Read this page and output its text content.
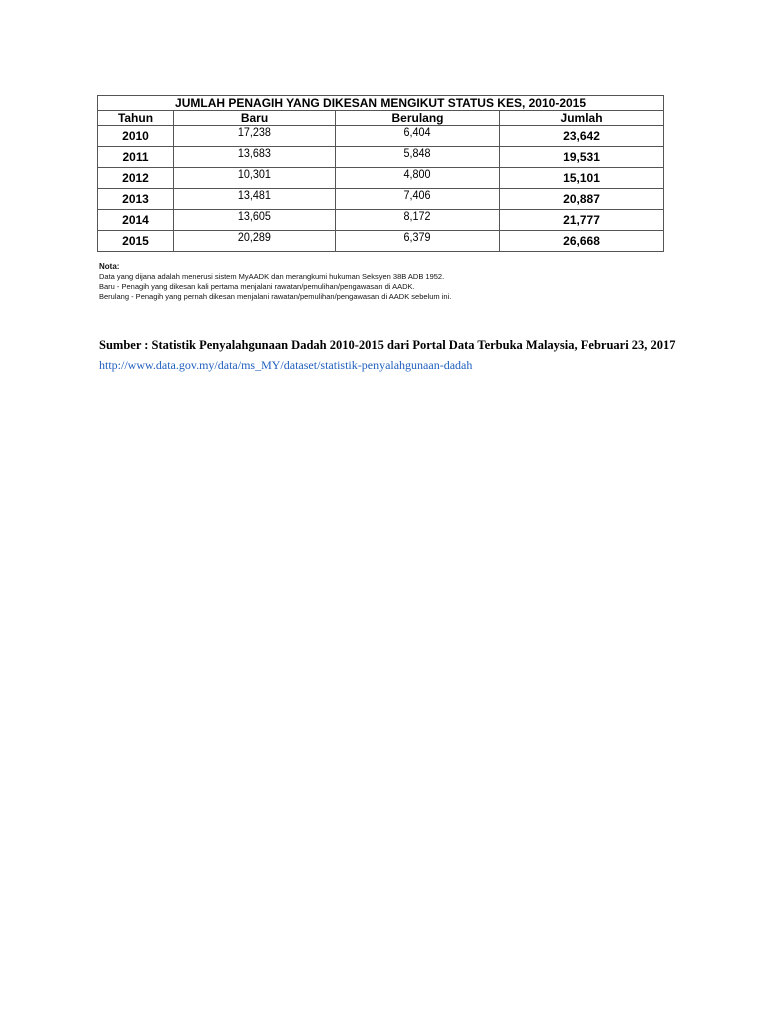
JUMLAH PENAGIH YANG DIKESAN MENGIKUT STATUS KES, 2010-2015			
Tahun	Baru	Berulang	Jumlah
2010	17,238	6,404	23,642
2011	13,683	5,848	19,531
2012	10,301	4,800	15,101
2013	13,481	7,406	20,887
2014	13,605	8,172	21,777
2015	20,289	6,379	26,668
Nota:
Data yang dijana adalah menerusi sistem MyAADK dan merangkumi hukuman Seksyen 38B ADB 1952.
Baru - Penagih yang dikesan kali pertama menjalani rawatan/pemulihan/pengawasan di AADK.
Berulang - Penagih yang pernah dikesan menjalani rawatan/pemulihan/pengawasan di AADK sebelum ini.
Sumber : Statistik Penyalahgunaan Dadah 2010-2015 dari Portal Data Terbuka Malaysia, Februari 23, 2017
http://www.data.gov.my/data/ms_MY/dataset/statistik-penyalahgunaan-dadah
